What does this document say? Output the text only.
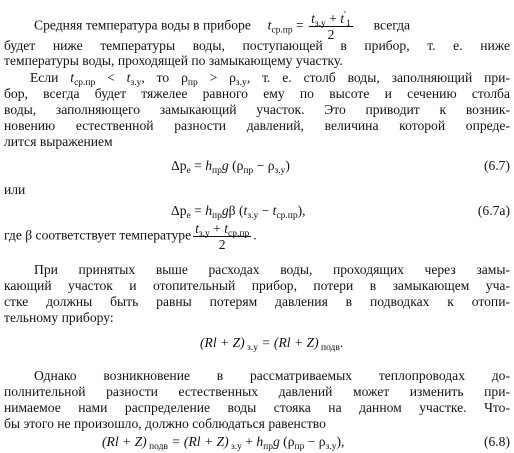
Средняя температура воды в приборе $t_{ср.пр} = \frac{t_{з.у} + t'_1}{2}$ всегда
будет ниже температуры воды, поступающей в прибор, т. е. ниже
температуры воды, проходящей по замыкающему участку.
Если $t_{ср.пр} < t_{з.у}$, то $\rho_{пр} > \rho_{з.у}$, т. е. столб воды, заполняющий при-
бор, всегда будет тяжелее равного ему по высоте и сечению столба
воды, заполняющего замыкающий участок. Это приводит к возник-
новению естественной разности давлений, величина которой опреде-
лится выражением
$\Delta p_е = h_{пр}g$ $(\rho_{пр} - \rho_{з.у})$	(6.7)
или
$\Delta p_е = h_{пр}g\beta$ $(t_{з.у} - t_{ср.пр})$,	(6.7а)
где β соответствует температуре $\frac{t_{з.у} + t_{ср.пр}}{2}$ .
При принятых выше расходах воды, проходящих через замы-
кающий участок и отопительный прибор, потери в замыкающем уча-
стке должны быть равны потерям давления в подводках к отопи-
тельному прибору:
(Rl + Z) $_{з.у}$ = (Rl + Z) $_{подв}$.
Однако возникновение в рассматриваемых теплопроводах до-
полнительной разности естественных давлений может изменить при-
нимаемое нами распределение воды стояка на данном участке. Что-
бы этого не произошло, должно соблюдаться равенство
(Rl + Z) $_{подв}$ = (Rl + Z) $_{з.у} + h_{пр}g$ $(\rho_{пр} - \rho_{з.у})$,	(6.8)
